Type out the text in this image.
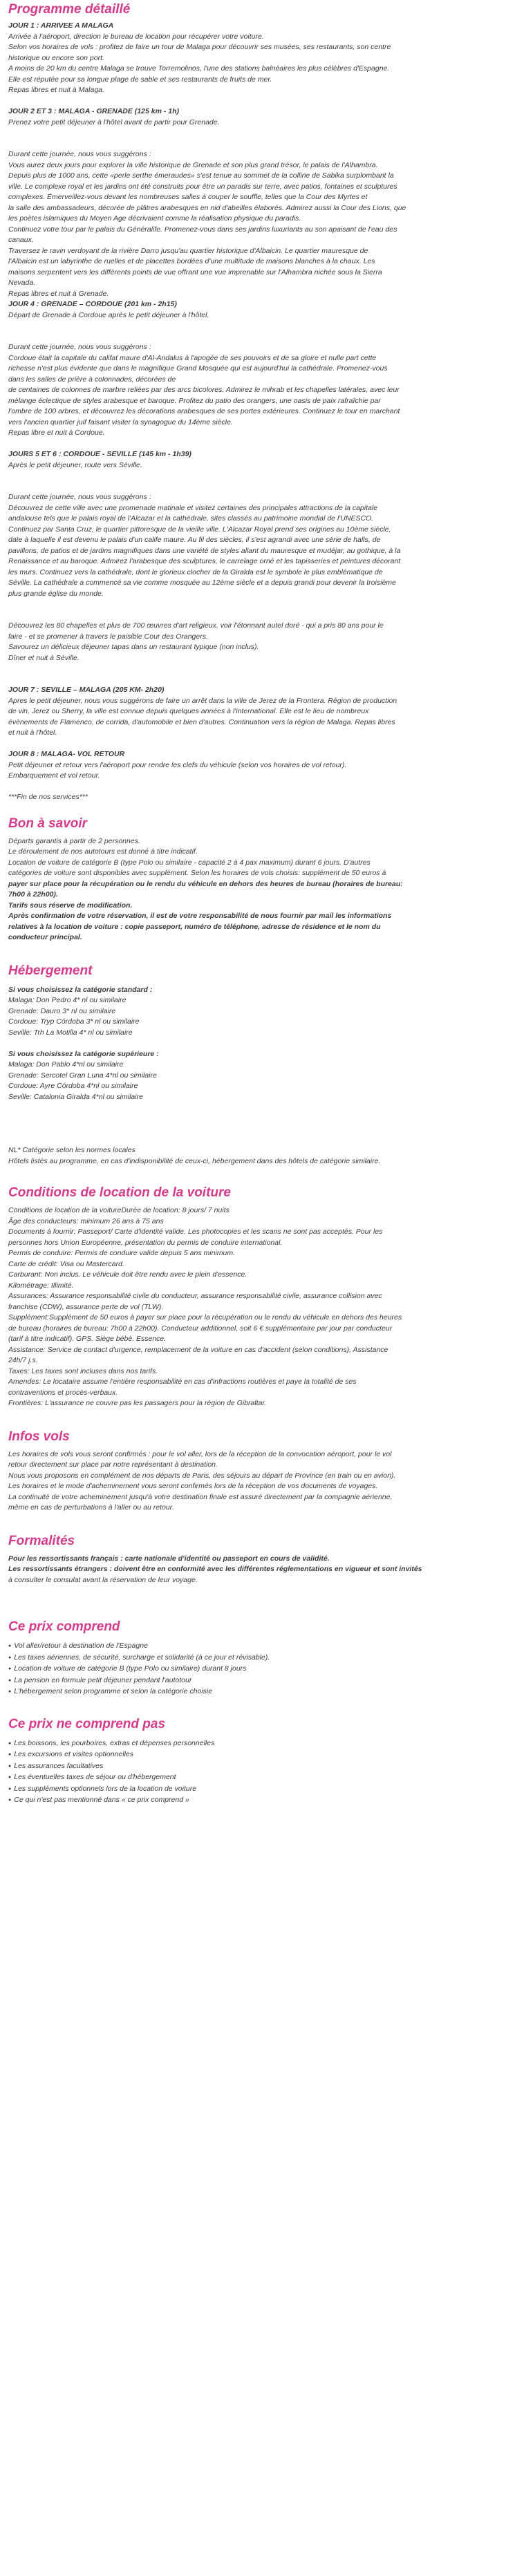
Programme détaillé
JOUR 1 : ARRIVEE A MALAGA
Arrivée à l'aéroport, direction le bureau de location pour récupérer votre voiture.
Selon vos horaires de vols : profitez de faire un tour de Malaga pour découvrir ses musées, ses restaurants, son centre
historique ou encore son port.
A moins de 20 km du centre Malaga se trouve Torremolinos, l'une des stations balnéaires les plus célèbres d'Espagne.
Elle est réputée pour sa longue plage de sable et ses restaurants de fruits de mer.
Repas libres et nuit à Malaga.

JOUR 2 ET 3 : MALAGA - GRENADE (125 km - 1h)
Prenez votre petit déjeuner à l'hôtel avant de partir pour Grenade.

Durant cette journée, nous vous suggérons :
Vous aurez deux jours pour explorer la ville historique de Grenade et son plus grand trésor, le palais de l'Alhambra.
Depuis plus de 1000 ans, cette «perle serthe émeraudes» s'est tenue au sommet de la colline de Sabika surplombant la
ville. Le complexe royal et les jardins ont été construits pour être un paradis sur terre, avec patios, fontaines et sculptures
complexes. Émerveillez-vous devant les nombreuses salles à couper le souffle, telles que la Cour des Myrtes et
la salle des ambassadeurs, décorée de plâtres arabesques en nid d'abeilles élaborés. Admirez aussi la Cour des Lions, que
les poètes islamiques du Moyen Age décrivaient comme la réalisation physique du paradis.
Continuez votre tour par le palais du Généralife. Promenez-vous dans ses jardins luxuriants au son apaisant de l'eau des
canaux.
Traversez le ravin verdoyant de la rivière Darro jusqu'au quartier historique d'Albaicin. Le quartier mauresque de
l'Albaicin est un labyrinthe de ruelles et de placettes bordées d'une multitude de maisons blanches à la chaux. Les
maisons serpentent vers les différents points de vue offrant une vue imprenable sur l'Alhambra nichée sous la Sierra
Nevada.
Repas libres et nuit à Grenade.
JOUR 4 : GRENADE – CORDOUE (201 km - 2h15)
Départ de Grenade à Cordoue après le petit déjeuner à l'hôtel.

Durant cette journée, nous vous suggérons :
Cordoue était la capitale du califat maure d'Al-Andalus à l'apogée de ses pouvoirs et de sa gloire et nulle part cette
richesse n'est plus évidente que dans le magnifique Grand Mosquée qui est aujourd'hui la cathédrale. Promenez-vous
dans les salles de prière à colonnades, décorées de
de centaines de colonnes de marbre reliées par des arcs bicolores. Admirez le mihrab et les chapelles latérales, avec leur
mélange éclectique de styles arabesque et baroque. Profitez du patio des orangers, une oasis de paix rafraîchie par
l'ombre de 100 arbres, et découvrez les décorations arabesques de ses portes extérieures. Continuez le tour en marchant
vers l'ancien quartier juif faisant visiter la synagogue du 14ème siècle.
Repas libre et nuit à Cordoue.

JOURS 5 ET 6 : CORDOUE - SEVILLE (145 km - 1h39)
Après le petit déjeuner, route vers Séville.

Durant cette journée, nous vous suggérons :
Découvrez de cette ville avec une promenade matinale et visitez certaines des principales attractions de la capitale
andalouse tels que le palais royal de l'Alcazar et la cathédrale, sites classés au patrimoine mondial de l'UNESCO.
Continuez par Santa Cruz, le quartier pittoresque de la vieille ville. L'Alcazar Royal prend ses origines au 10ème siècle,
date à laquelle il est devenu le palais d'un calife maure. Au fil des siècles, il s'est agrandi avec une série de halls, de
pavillons, de patios et de jardins magnifiques dans une variété de styles allant du mauresque et mudéjar, au gothique, à la
Renaissance et au baroque. Admirez l'arabesque des sculptures, le carrelage orné et les tapisseries et peintures décorant
les murs. Continuez vers la cathédrale, dont le glorieux clocher de la Giralda est le symbole le plus emblématique de
Séville. La cathédrale a commencé sa vie comme mosquée au 12ème siècle et a depuis grandi pour devenir la troisième
plus grande église du monde.

Découvrez les 80 chapelles et plus de 700 œuvres d'art religieux, voir l'étonnant autel doré - qui a pris 80 ans pour le
faire - et se promener à travers le paisible Cour des Orangers.
Savourez un délicieux déjeuner tapas dans un restaurant typique (non inclus).
Dîner et nuit à Séville.

JOUR 7 : SEVILLE – MALAGA (205 KM- 2h20)
Apres le petit déjeuner, nous vous suggérons de faire un arrêt dans la ville de Jerez de la Frontera. Région de production
de vin, Jerez ou Sherry, la ville est connue depuis quelques années à l'international. Elle est le lieu de nombreux
évènements de Flamenco, de corrida, d'automobile et bien d'autres. Continuation vers la région de Malaga. Repas libres
et nuit à l'hôtel.

JOUR 8 : MALAGA- VOL RETOUR
Petit déjeuner et retour vers l'aéroport pour rendre les clefs du véhicule (selon vos horaires de vol retour).
Embarquement et vol retour.

***Fin de nos services***
Bon à savoir
Départs garantis à partir de 2 personnes.
Le déroulement de nos autotours est donné à titre indicatif.
Location de voiture de catégorie B (type Polo ou similaire - capacité 2 à 4 pax maximum) durant 6 jours. D'autres
catégories de voiture sont disponibles avec supplément. Selon les horaires de vols choisis: supplément de 50 euros à
payer sur place pour la récupération ou le rendu du véhicule en dehors des heures de bureau (horaires de bureau:
7h00 à 22h00).
Tarifs sous réserve de modification.
Après confirmation de votre réservation, il est de votre responsabilité de nous fournir par mail les informations
relatives à la location de voiture : copie passeport, numéro de téléphone, adresse de résidence et le nom du
conducteur principal.
Hébergement
Si vous choisissez la catégorie standard :
Malaga: Don Pedro 4* nl ou similaire
Grenade: Dauro 3* nl ou similaire
Cordoue: Tryp Córdoba 3* nl ou similaire
Seville: Trh La Motilla 4* nl ou similaire

Si vous choisissez la catégorie supérieure :
Malaga: Don Pablo 4*nl ou similaire
Grenade: Sercotel Gran Luna 4*nl ou similaire
Cordoue: Ayre Córdoba 4*nl ou similaire
Seville: Catalonia Giralda 4*nl ou similaire

NL* Catégorie selon les normes locales
Hôtels listés au programme, en cas d'indisponibilité de ceux-ci, hébergement dans des hôtels de catégorie similaire.
Conditions de location de la voiture
Conditions de location de la voitureDurée de location: 8 jours/ 7 nuits
Âge des conducteurs: minimum 26 ans à 75 ans
Documents à fournir: Passeport/ Carte d'identité valide. Les photocopies et les scans ne sont pas acceptés. Pour les
personnes hors Union Européenne, présentation du permis de conduire international.
Permis de conduire: Permis de conduire valide depuis 5 ans minimum.
Carte de crédit: Visa ou Mastercard.
Carburant: Non inclus. Le véhicule doit être rendu avec le plein d'essence.
Kilométrage: Illimité.
Assurances: Assurance responsabilité civile du conducteur, assurance responsabilité civile, assurance collision avec
franchise (CDW), assurance perte de vol (TLW).
Supplément:Supplément de 50 euros à payer sur place pour la récupération ou le rendu du véhicule en dehors des heures
de bureau (horaires de bureau: 7h00 à 22h00). Conducteur additionnel, soit 6 € supplémentaire par jour par conducteur
(tarif à titre indicatif). GPS. Siège bébé. Essence.
Assistance: Service de contact d'urgence, remplacement de la voiture en cas d'accident (selon conditions), Assistance
24h/7 j.s.
Taxes: Les taxes sont incluses dans nos tarifs.
Amendes: Le locataire assume l'entière responsabilité en cas d'infractions routières et paye la totalité de ses
contraventions et procès-verbaux.
Frontières: L'assurance ne couvre pas les passagers pour la région de Gibraltar.
Infos vols
Les horaires de vols vous seront confirmés : pour le vol aller, lors de la réception de la convocation aéroport, pour le vol
retour directement sur place par notre représentant à destination.
Nous vous proposons en complément de nos départs de Paris, des séjours au départ de Province (en train ou en avion).
Les horaires et le mode d'acheminement vous seront confirmés lors de la réception de vos documents de voyages.
La continuité de votre acheminement jusqu'à votre destination finale est assuré directement par la compagnie aérienne,
même en cas de perturbations à l'aller ou au retour.
Formalités
Pour les ressortissants français : carte nationale d'identité ou passeport en cours de validité.
Les ressortissants étrangers : doivent être en conformité avec les différentes réglementations en vigueur et sont invités
à consulter le consulat avant la réservation de leur voyage.
Ce prix comprend
● Vol aller/retour à destination de l'Espagne
● Les taxes aériennes, de sécurité, surcharge et solidarité (à ce jour et révisable).
● Location de voiture de catégorie B (type Polo ou similaire) durant 8 jours
● La pension en formule petit déjeuner pendant l'autotour
● L'hébergement selon programme et selon la catégorie choisie
Ce prix ne comprend pas
● Les boissons, les pourboires, extras et dépenses personnelles
● Les excursions et visites optionnelles
● Les assurances facultatives
● Les éventuelles taxes de séjour ou d'hébergement
● Les suppléments optionnels lors de la location de voiture
● Ce qui n'est pas mentionné dans « ce prix comprend »
